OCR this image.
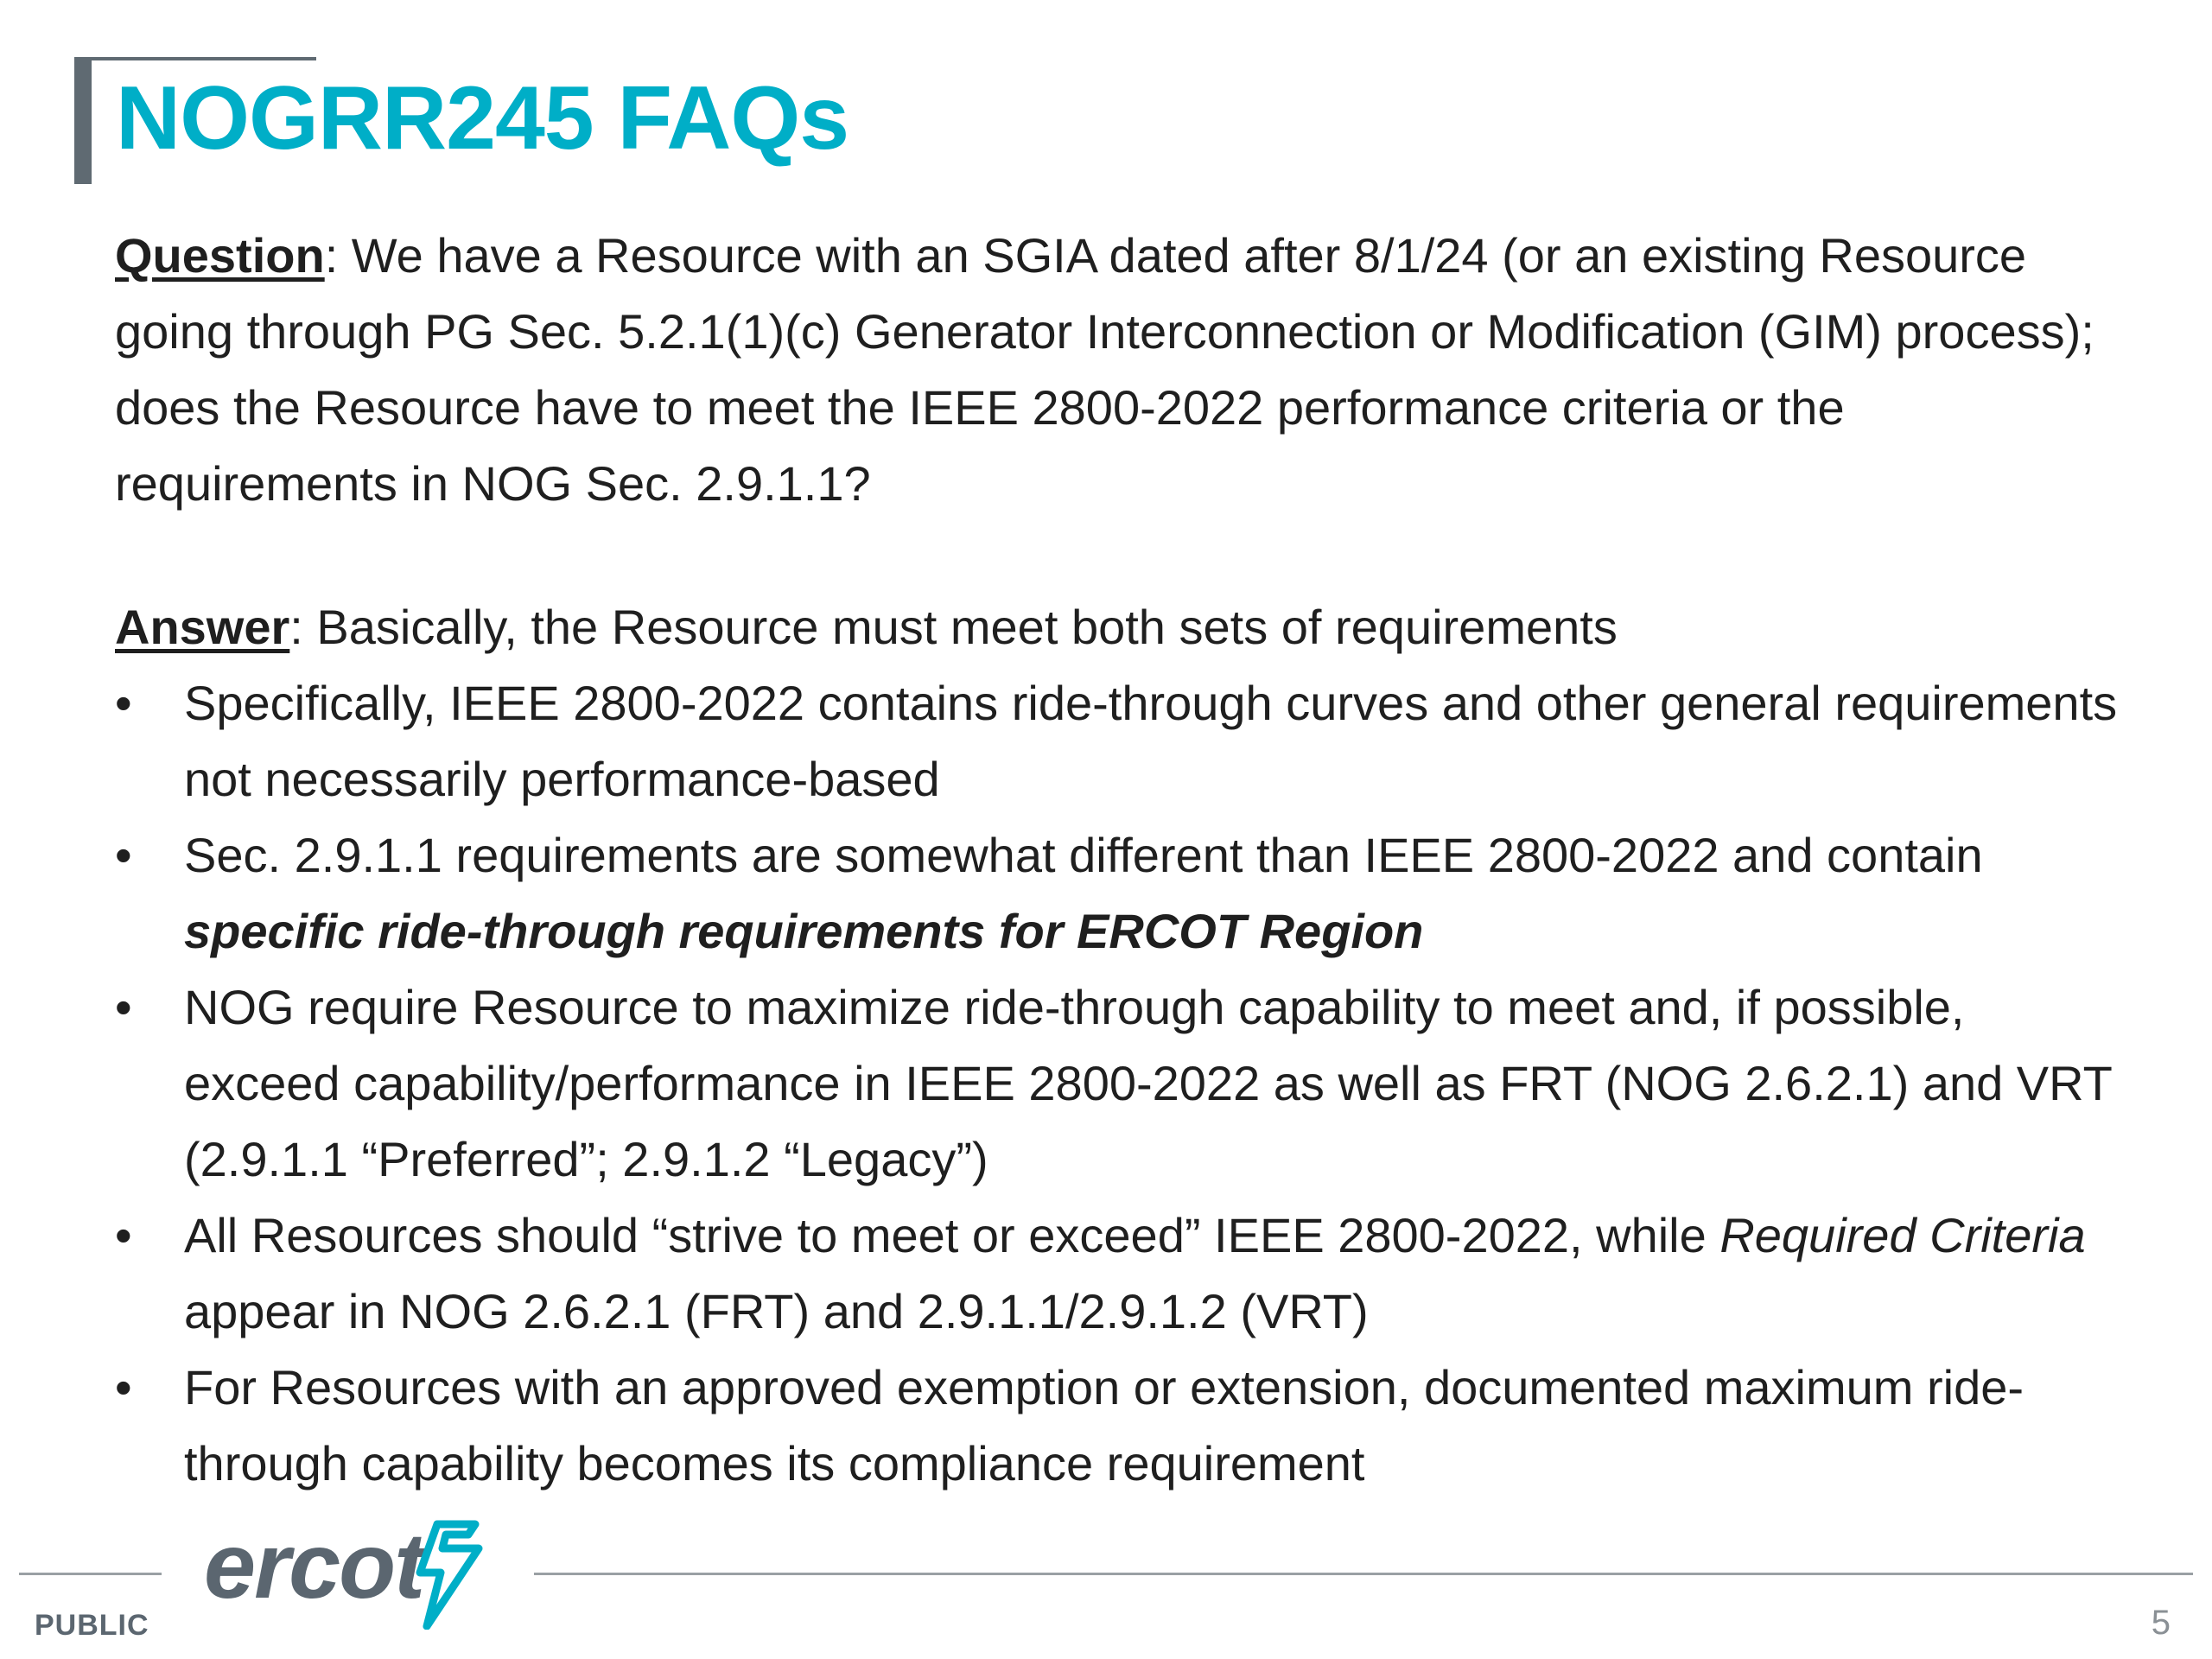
NOGRR245 FAQs

Question: We have a Resource with an SGIA dated after 8/1/24 (or an existing Resource going through PG Sec. 5.2.1(1)(c) Generator Interconnection or Modification (GIM) process); does the Resource have to meet the IEEE 2800-2022 performance criteria or the requirements in NOG Sec. 2.9.1.1?

Answer: Basically, the Resource must meet both sets of requirements

•	Specifically, IEEE 2800-2022 contains ride-through curves and other general requirements not necessarily performance-based
•	Sec. 2.9.1.1 requirements are somewhat different than IEEE 2800-2022 and contain specific ride-through requirements for ERCOT Region
•	NOG require Resource to maximize ride-through capability to meet and, if possible, exceed capability/performance in IEEE 2800-2022 as well as FRT (NOG 2.6.2.1) and VRT (2.9.1.1 “Preferred”; 2.9.1.2 “Legacy”)
•	All Resources should “strive to meet or exceed” IEEE 2800-2022, while Required Criteria appear in NOG 2.6.2.1 (FRT) and 2.9.1.1/2.9.1.2 (VRT)
•	For Resources with an approved exemption or extension, documented maximum ride-through capability becomes its compliance requirement
ercot
PUBLIC	5
